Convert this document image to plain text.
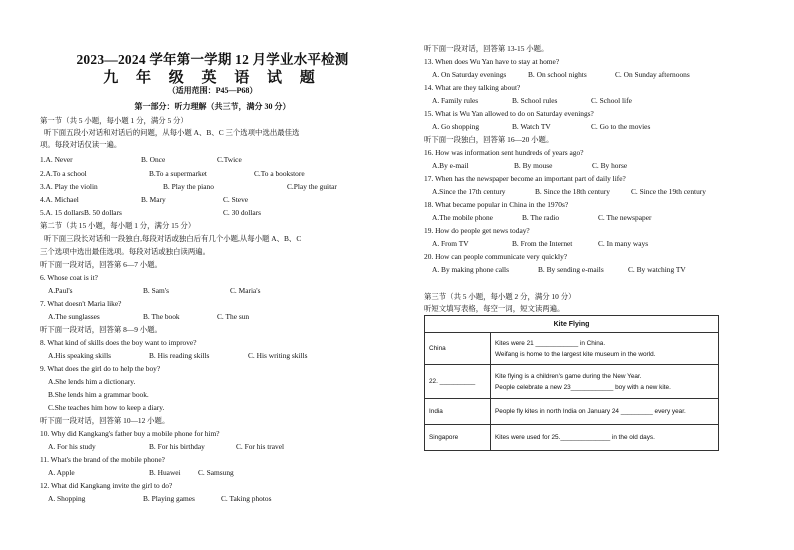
2023—2024 学年第一学期 12 月学业水平检测
九 年 级 英 语 试 题
（适用范围：P45—P68）
第一部分：听力理解（共三节，满分 30 分）
第一节（共 5 小题，每小题 1 分，满分 5 分）
听下面五段小对话和对话后的问题，从每小题 A、B、C 三个选项中选出最佳选
项。每段对话仅读一遍。
1.A. Never	B. Once	C.Twice
2.A.To a school	B.To a supermarket	C.To a bookstore
3.A. Play the violin	B. Play the piano	C.Play the guitar
4.A. Michael	B. Mary	C. Steve
5.A. 15 dollarsB. 50 dollars	C. 30 dollars
第二节（共 15 小题，每小题 1 分，满分 15 分）
听下面三段长对话和一段独白,每段对话或独白后有几个小题,从每小题 A、B、C
三个选项中选出最佳选项。每段对话或独白读两遍。
听下面一段对话，回答第 6—7 小题。
6. Whose coat is it?
A.Paul's	B. Sam's	C. Maria's
7. What doesn't Maria like?
A.The sunglasses	B. The book	C. The sun
听下面一段对话，回答第 8—9 小题。
8. What kind of skills does the boy want to improve?
A.His speaking skills	B. His reading skills	C. His writing skills
9. What does the girl do to help the boy?
A.She lends him a dictionary.
B.She lends him a grammar book.
C.She teaches him how to keep a diary.
听下面一段对话，回答第 10—12 小题。
10. Why did Kangkang's father buy a mobile phone for him?
A. For his study	B. For his birthday	C. For his travel
11. What's the brand of the mobile phone?
A. Apple	B. Huawei C. Samsung
12. What did Kangkang invite the girl to do?
A. Shopping	B. Playing games	C. Taking photos
听下面一段对话，回答第 13-15 小题。
13. When does Wu Yan have to stay at home?
A. On Saturday evenings	B. On school nights	C. On Sunday afternoons
14. What are they talking about?
A. Family rules	B. School rules	C. School life
15. What is Wu Yan allowed to do on Saturday evenings?
A. Go shopping	B. Watch TV	C. Go to the movies
听下面一段独白，回答第 16—20 小题。
16. How was information sent hundreds of years ago?
A.By e-mail	B. By mouse	C. By horse
17. When has the newspaper become an important part of daily life?
A.Since the 17th century	B. Since the 18th century	C. Since the 19th century
18. What became popular in China in the 1970s?
A.The mobile phone	B. The radio	C. The newspaper
19. How do people get news today?
A. From TV	B. From the Internet	C. In many ways
20. How can people communicate very quickly?
A. By making phone calls	B. By sending e-mails	C. By watching TV
第三节（共 5 小题，每小题 2 分，满分 10 分）
听短文填写表格，每空一词，短文读两遍。
Kite Flying	
China	Kites were 21 ____________ in China.
Weifang is home to the largest kite museum in the world.

22. __________	Kite flying is a children's game during the New Year.
People celebrate a new 23____________ boy with a new kite.

India	People fly kites in north India on January 24 _________ every year.

Singapore	Kites were used for 25.______________ in the old days.
